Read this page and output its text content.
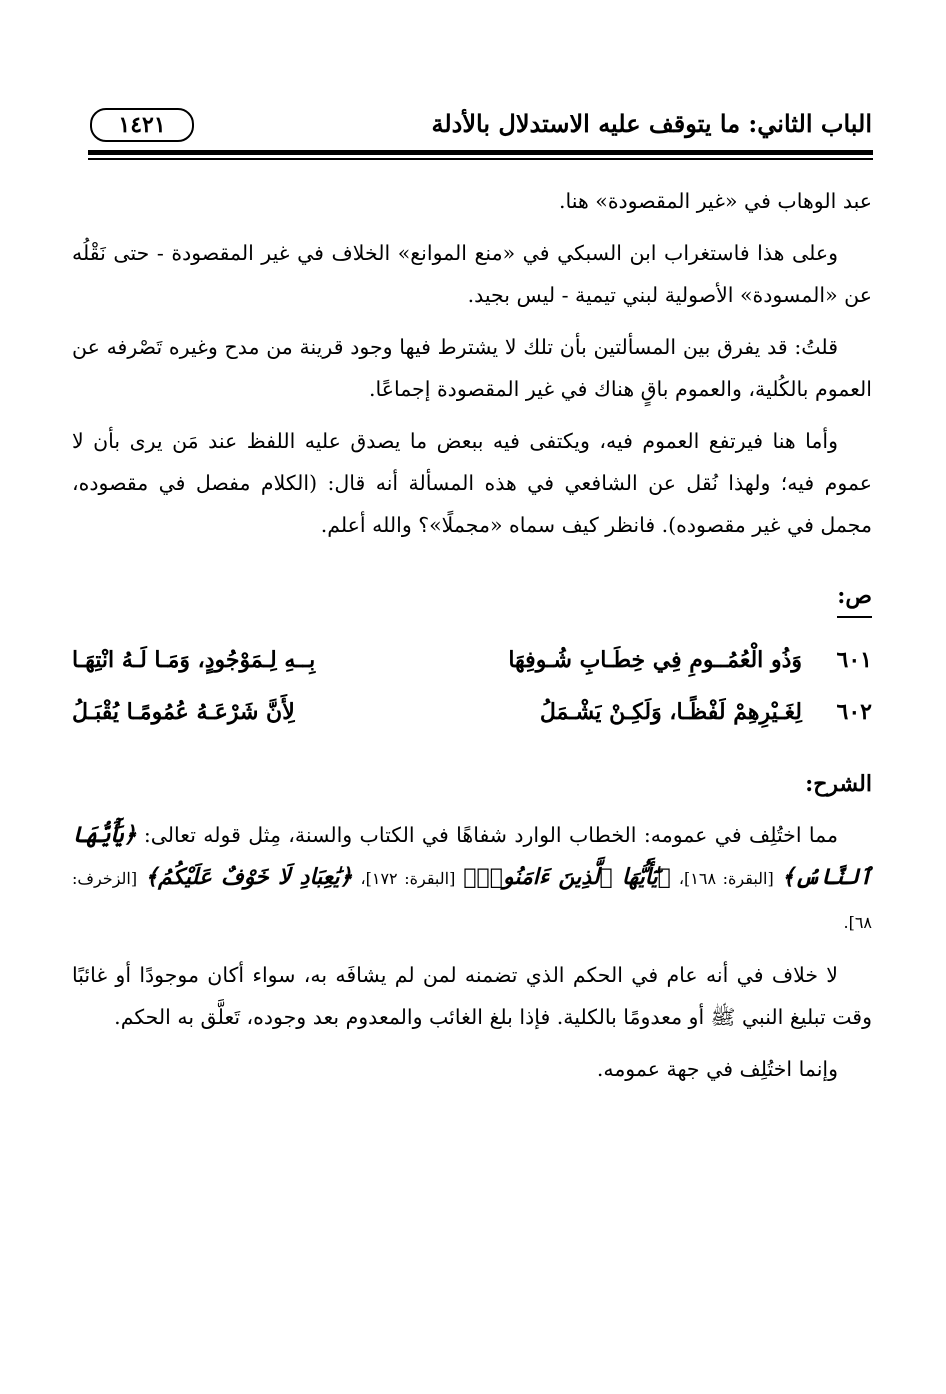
الباب الثاني: ما يتوقف عليه الاستدلال بالأدلة
١٤٢١

عبد الوهاب في «غير المقصودة» هنا.

وعلى هذا فاستغراب ابن السبكي في «منع الموانع» الخلاف في غير المقصودة - حتى نَقْلُه عن «المسودة» الأصولية لبني تيمية - ليس بجيد.

قلتُ: قد يفرق بين المسألتين بأن تلك لا يشترط فيها وجود قرينة من مدح وغيره تَصْرفه عن العموم بالكُلية، والعموم باقٍ هناك في غير المقصودة إجماعًا.

وأما هنا فيرتفع العموم فيه، ويكتفى فيه ببعض ما يصدق عليه اللفظ عند مَن يرى بأن لا عموم فيه؛ ولهذا نُقل عن الشافعي في هذه المسألة أنه قال: (الكلام مفصل في مقصوده، مجمل في غير مقصوده). فانظر كيف سماه «مجملًا»؟ والله أعلم.

ص:
٦٠١
وَذُو الْعُمُــومِ فِي خِطَـابِ شُـوفِهَا
بِــهِ لِـمَوْجُودٍ، وَمَـا لَـهُ انْتِهَـا
٦٠٢
لِغَـيْرِهِمْ لَفْظًـا، وَلَكِـنْ يَشْـمَلُ
لِأَنَّ شَرْعَـهُ عُمُومًـا يُقْبَـلُ
الشرح:

مما اختُلِف في عمومه: الخطاب الوارد شفاهًا في الكتاب والسنة، مِثل قوله تعالى: ﴿يَٰٓأَيُّهَا ٱلنَّاسُ﴾ [البقرة: ١٦٨]، ﴿يَٰٓأَيُّهَا ٱلَّذِينَ ءَامَنُوا۟﴾ [البقرة: ١٧٢]، ﴿يَٰعِبَادِ لَا خَوْفٌ عَلَيْكُمُ﴾ [الزخرف: ٦٨].

لا خلاف في أنه عام في الحكم الذي تضمنه لمن لم يشافَه به، سواء أكان موجودًا أو غائبًا وقت تبليغ النبي ﷺ أو معدومًا بالكلية. فإذا بلغ الغائب والمعدوم بعد وجوده، تَعلَّق به الحكم.

وإنما اختُلِف في جهة عمومه.
